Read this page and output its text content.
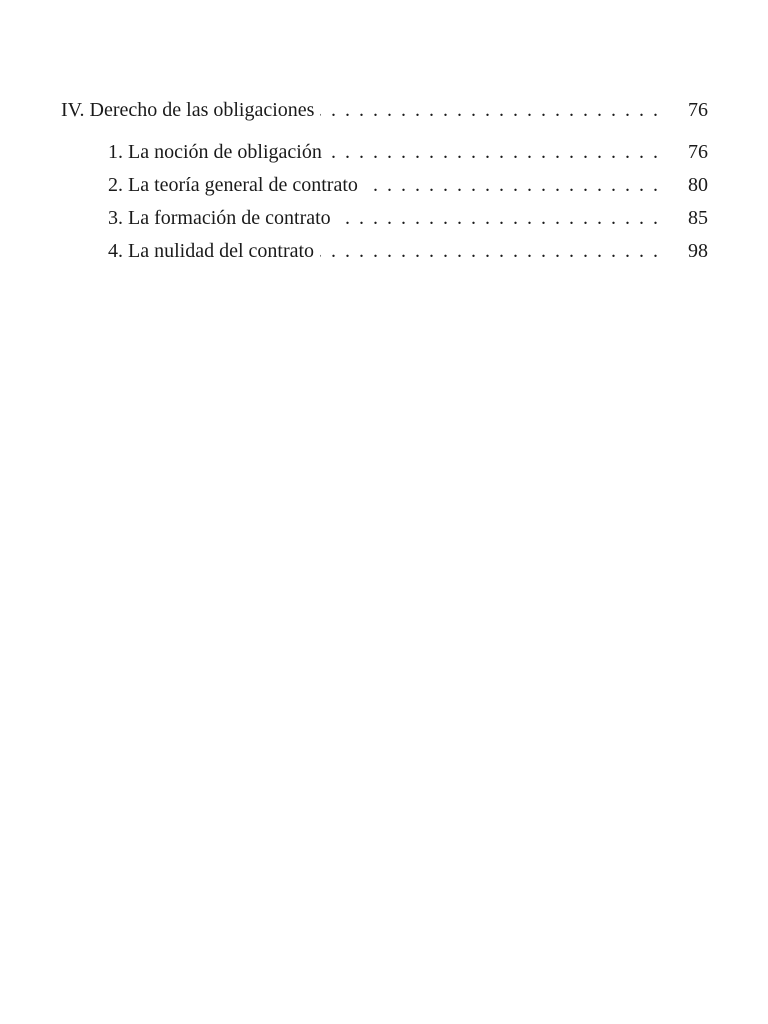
IV. Derecho de las obligaciones . . .	76
1. La noción de obligación . . .	76
2. La teoría general de contrato . . .	80
3. La formación de contrato . . .	85
4. La nulidad del contrato . . .	98
